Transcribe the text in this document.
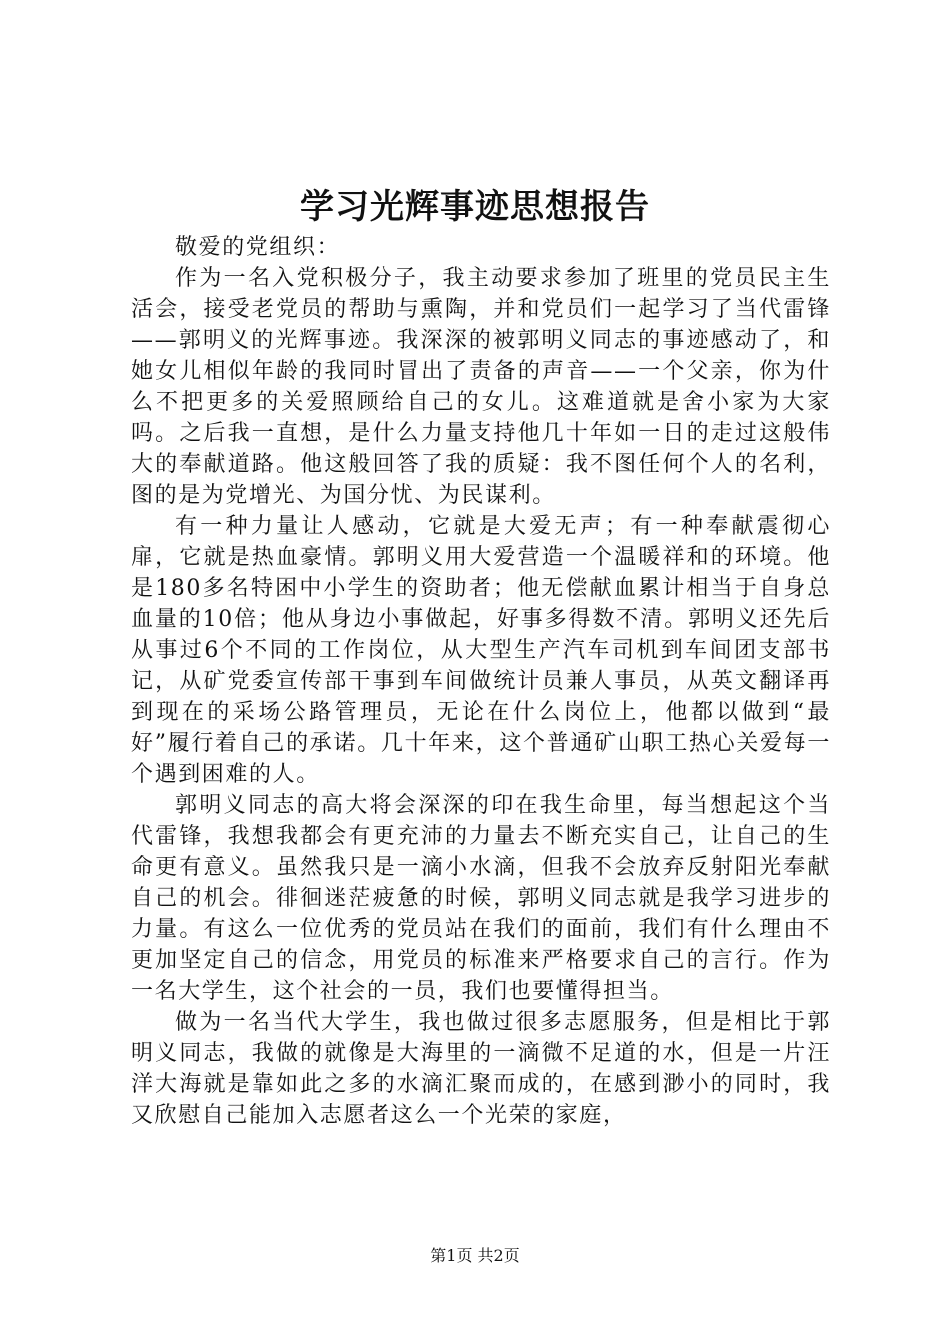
学习光辉事迹思想报告

敬爱的党组织：

作为一名入党积极分子，我主动要求参加了班里的党员民主生活会，接受老党员的帮助与熏陶，并和党员们一起学习了当代雷锋——郭明义的光辉事迹。我深深的被郭明义同志的事迹感动了，和她女儿相似年龄的我同时冒出了责备的声音——一个父亲，你为什么不把更多的关爱照顾给自己的女儿。这难道就是舍小家为大家吗。之后我一直想，是什么力量支持他几十年如一日的走过这般伟大的奉献道路。他这般回答了我的质疑：我不图任何个人的名利，图的是为党增光、为国分忧、为民谋利。

有一种力量让人感动，它就是大爱无声；有一种奉献震彻心扉，它就是热血豪情。郭明义用大爱营造一个温暖祥和的环境。他是180多名特困中小学生的资助者；他无偿献血累计相当于自身总血量的10倍；他从身边小事做起，好事多得数不清。郭明义还先后从事过6个不同的工作岗位，从大型生产汽车司机到车间团支部书记，从矿党委宣传部干事到车间做统计员兼人事员，从英文翻译再到现在的采场公路管理员，无论在什么岗位上，他都以做到“最好”履行着自己的承诺。几十年来，这个普通矿山职工热心关爱每一个遇到困难的人。

郭明义同志的高大将会深深的印在我生命里，每当想起这个当代雷锋，我想我都会有更充沛的力量去不断充实自己，让自己的生命更有意义。虽然我只是一滴小水滴，但我不会放弃反射阳光奉献自己的机会。徘徊迷茫疲惫的时候，郭明义同志就是我学习进步的力量。有这么一位优秀的党员站在我们的面前，我们有什么理由不更加坚定自己的信念，用党员的标准来严格要求自己的言行。作为一名大学生，这个社会的一员，我们也要懂得担当。

做为一名当代大学生，我也做过很多志愿服务，但是相比于郭明义同志，我做的就像是大海里的一滴微不足道的水，但是一片汪洋大海就是靠如此之多的水滴汇聚而成的，在感到渺小的同时，我又欣慰自己能加入志愿者这么一个光荣的家庭，

第1页 共2页
